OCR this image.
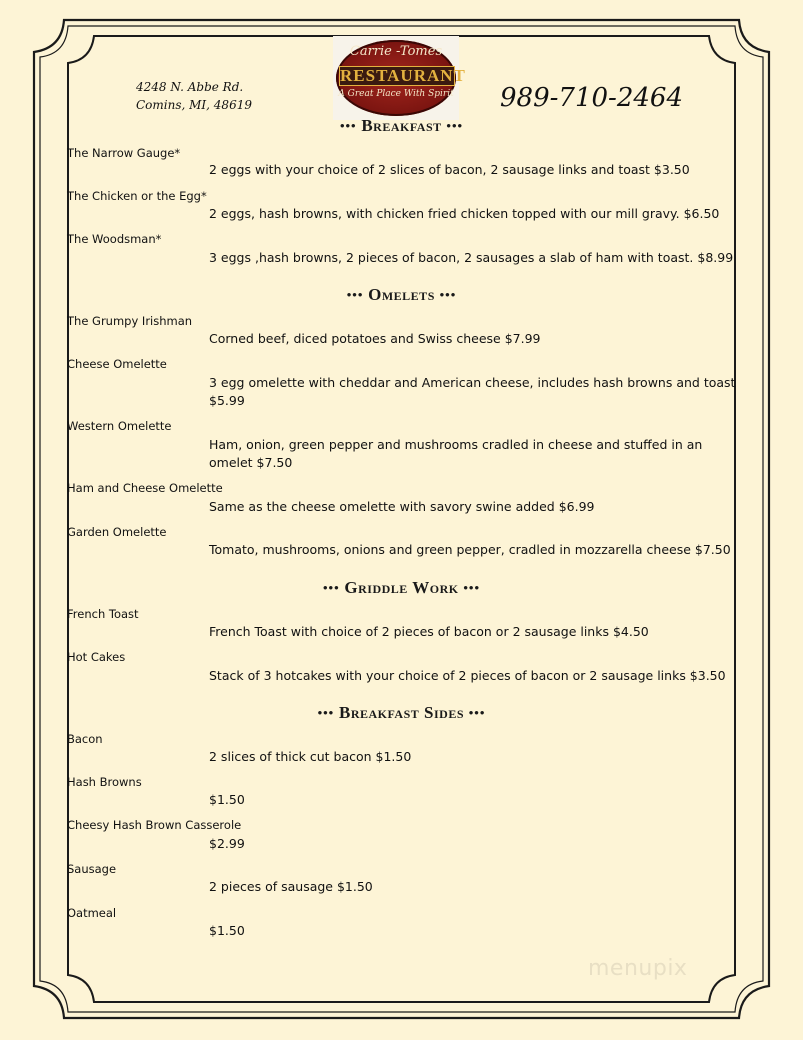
Carrie -Tomes
RESTAURANT
A Great Place With Spirit
4248 N. Abbe Rd.
Comins, MI, 48619	989-710-2464
••• Breakfast •••
The Narrow Gauge*
2 eggs with your choice of 2 slices of bacon, 2 sausage links and toast $3.50
The Chicken or the Egg*
2 eggs, hash browns, with chicken fried chicken topped with our mill gravy. $6.50
The Woodsman*
3 eggs ,hash browns, 2 pieces of bacon, 2 sausages a slab of ham with toast. $8.99
••• Omelets •••
The Grumpy Irishman
Corned beef, diced potatoes and Swiss cheese $7.99
Cheese Omelette
3 egg omelette with cheddar and American cheese, includes hash browns and toast $5.99
Western Omelette
Ham, onion, green pepper and mushrooms cradled in cheese and stuffed in an omelet $7.50
Ham and Cheese Omelette
Same as the cheese omelette with savory swine added $6.99
Garden Omelette
Tomato, mushrooms, onions and green pepper, cradled in mozzarella cheese $7.50
••• Griddle Work •••
French Toast
French Toast with choice of 2 pieces of bacon or 2 sausage links $4.50
Hot Cakes
Stack of 3 hotcakes with your choice of 2 pieces of bacon or 2 sausage links $3.50
••• Breakfast Sides •••
Bacon
2 slices of thick cut bacon $1.50
Hash Browns
$1.50
Cheesy Hash Brown Casserole
$2.99
Sausage
2 pieces of sausage $1.50
Oatmeal
$1.50
menupix
